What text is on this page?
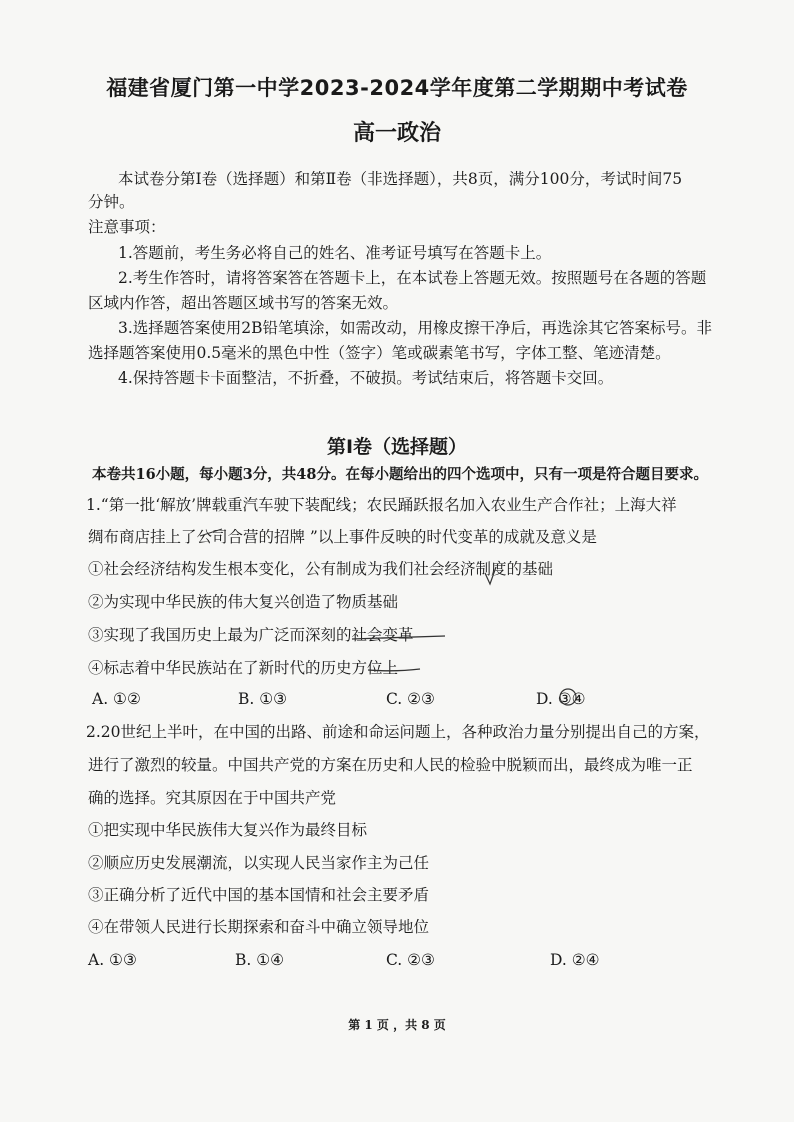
福建省厦门第一中学2023-2024学年度第二学期期中考试卷
高一政治
本试卷分第Ⅰ卷（选择题）和第Ⅱ卷（非选择题），共8页，满分100分，考试时间75
分钟。
注意事项：
1.答题前，考生务必将自己的姓名、准考证号填写在答题卡上。
2.考生作答时，请将答案答在答题卡上，在本试卷上答题无效。按照题号在各题的答题
区域内作答，超出答题区域书写的答案无效。
3.选择题答案使用2B铅笔填涂，如需改动，用橡皮擦干净后，再选涂其它答案标号。非
选择题答案使用0.5毫米的黑色中性（签字）笔或碳素笔书写，字体工整、笔迹清楚。
4.保持答题卡卡面整洁，不折叠，不破损。考试结束后，将答题卡交回。
第Ⅰ卷（选择题）
本卷共16小题，每小题3分，共48分。在每小题给出的四个选项中，只有一项是符合题目要求。
1.“第一批‘解放’牌载重汽车驶下装配线；农民踊跃报名加入农业生产合作社；上海大祥
绸布商店挂上了公司合营的招牌 ”以上事件反映的时代变革的成就及意义是
①社会经济结构发生根本变化，公有制成为我们社会经济制度的基础
②为实现中华民族的伟大复兴创造了物质基础
③实现了我国历史上最为广泛而深刻的社会变革
④标志着中华民族站在了新时代的历史方位上
A. ①②	B. ①③	C. ②③	D. ③④
2.20世纪上半叶，在中国的出路、前途和命运问题上，各种政治力量分别提出自己的方案，
进行了激烈的较量。中国共产党的方案在历史和人民的检验中脱颖而出，最终成为唯一正
确的选择。究其原因在于中国共产党
①把实现中华民族伟大复兴作为最终目标
②顺应历史发展潮流，以实现人民当家作主为己任
③正确分析了近代中国的基本国情和社会主要矛盾
④在带领人民进行长期探索和奋斗中确立领导地位
A. ①③	B. ①④	C. ②③	D. ②④
第 1 页 ，共 8 页
